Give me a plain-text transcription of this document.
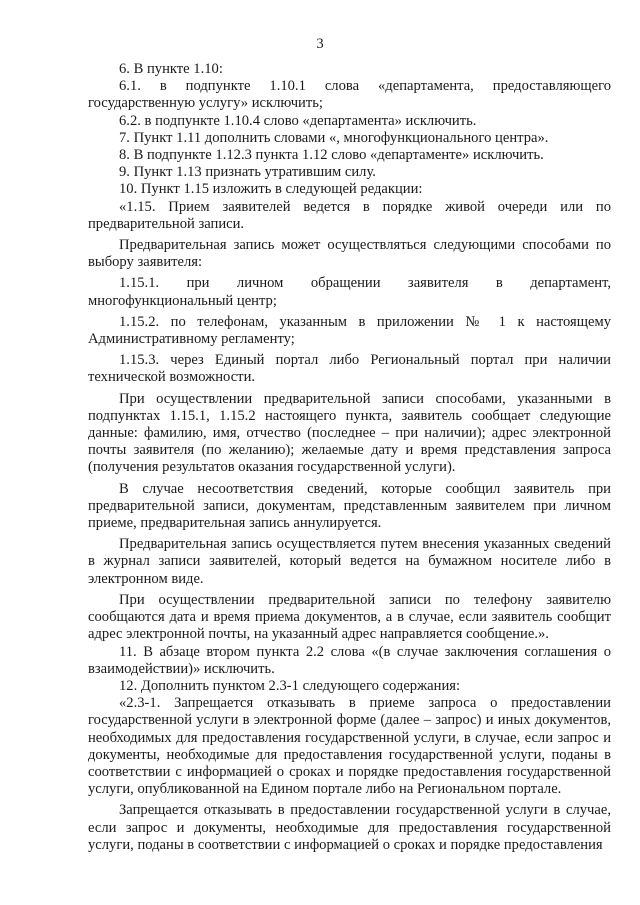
3

6. В пункте 1.10:

6.1. в подпункте 1.10.1 слова «департамента, предоставляющего государственную услугу» исключить;

6.2. в подпункте 1.10.4 слово «департамента» исключить.

7. Пункт 1.11 дополнить словами «, многофункционального центра».

8. В подпункте 1.12.3 пункта 1.12 слово «департаменте» исключить.

9. Пункт 1.13 признать утратившим силу.

10. Пункт 1.15 изложить в следующей редакции:

«1.15. Прием заявителей ведется в порядке живой очереди или по предварительной записи.

Предварительная запись может осуществляться следующими способами по выбору заявителя:

1.15.1. при личном обращении заявителя в департамент, многофункциональный центр;

1.15.2. по телефонам, указанным в приложении № 1 к настоящему Административному регламенту;

1.15.3. через Единый портал либо Региональный портал при наличии технической возможности.

При осуществлении предварительной записи способами, указанными в подпунктах 1.15.1, 1.15.2 настоящего пункта, заявитель сообщает следующие данные: фамилию, имя, отчество (последнее – при наличии); адрес электронной почты заявителя (по желанию); желаемые дату и время представления запроса (получения результатов оказания государственной услуги).

В случае несоответствия сведений, которые сообщил заявитель при предварительной записи, документам, представленным заявителем при личном приеме, предварительная запись аннулируется.

Предварительная запись осуществляется путем внесения указанных сведений в журнал записи заявителей, который ведется на бумажном носителе либо в электронном виде.

При осуществлении предварительной записи по телефону заявителю сообщаются дата и время приема документов, а в случае, если заявитель сообщит адрес электронной почты, на указанный адрес направляется сообщение.».

11. В абзаце втором пункта 2.2 слова «(в случае заключения соглашения о взаимодействии)» исключить.

12. Дополнить пунктом 2.3-1 следующего содержания:

«2.3-1. Запрещается отказывать в приеме запроса о предоставлении государственной услуги в электронной форме (далее – запрос) и иных документов, необходимых для предоставления государственной услуги, в случае, если запрос и документы, необходимые для предоставления государственной услуги, поданы в соответствии с информацией о сроках и порядке предоставления государственной услуги, опубликованной на Едином портале либо на Региональном портале.

Запрещается отказывать в предоставлении государственной услуги в случае, если запрос и документы, необходимые для предоставления государственной услуги, поданы в соответствии с информацией о сроках и порядке предоставления
